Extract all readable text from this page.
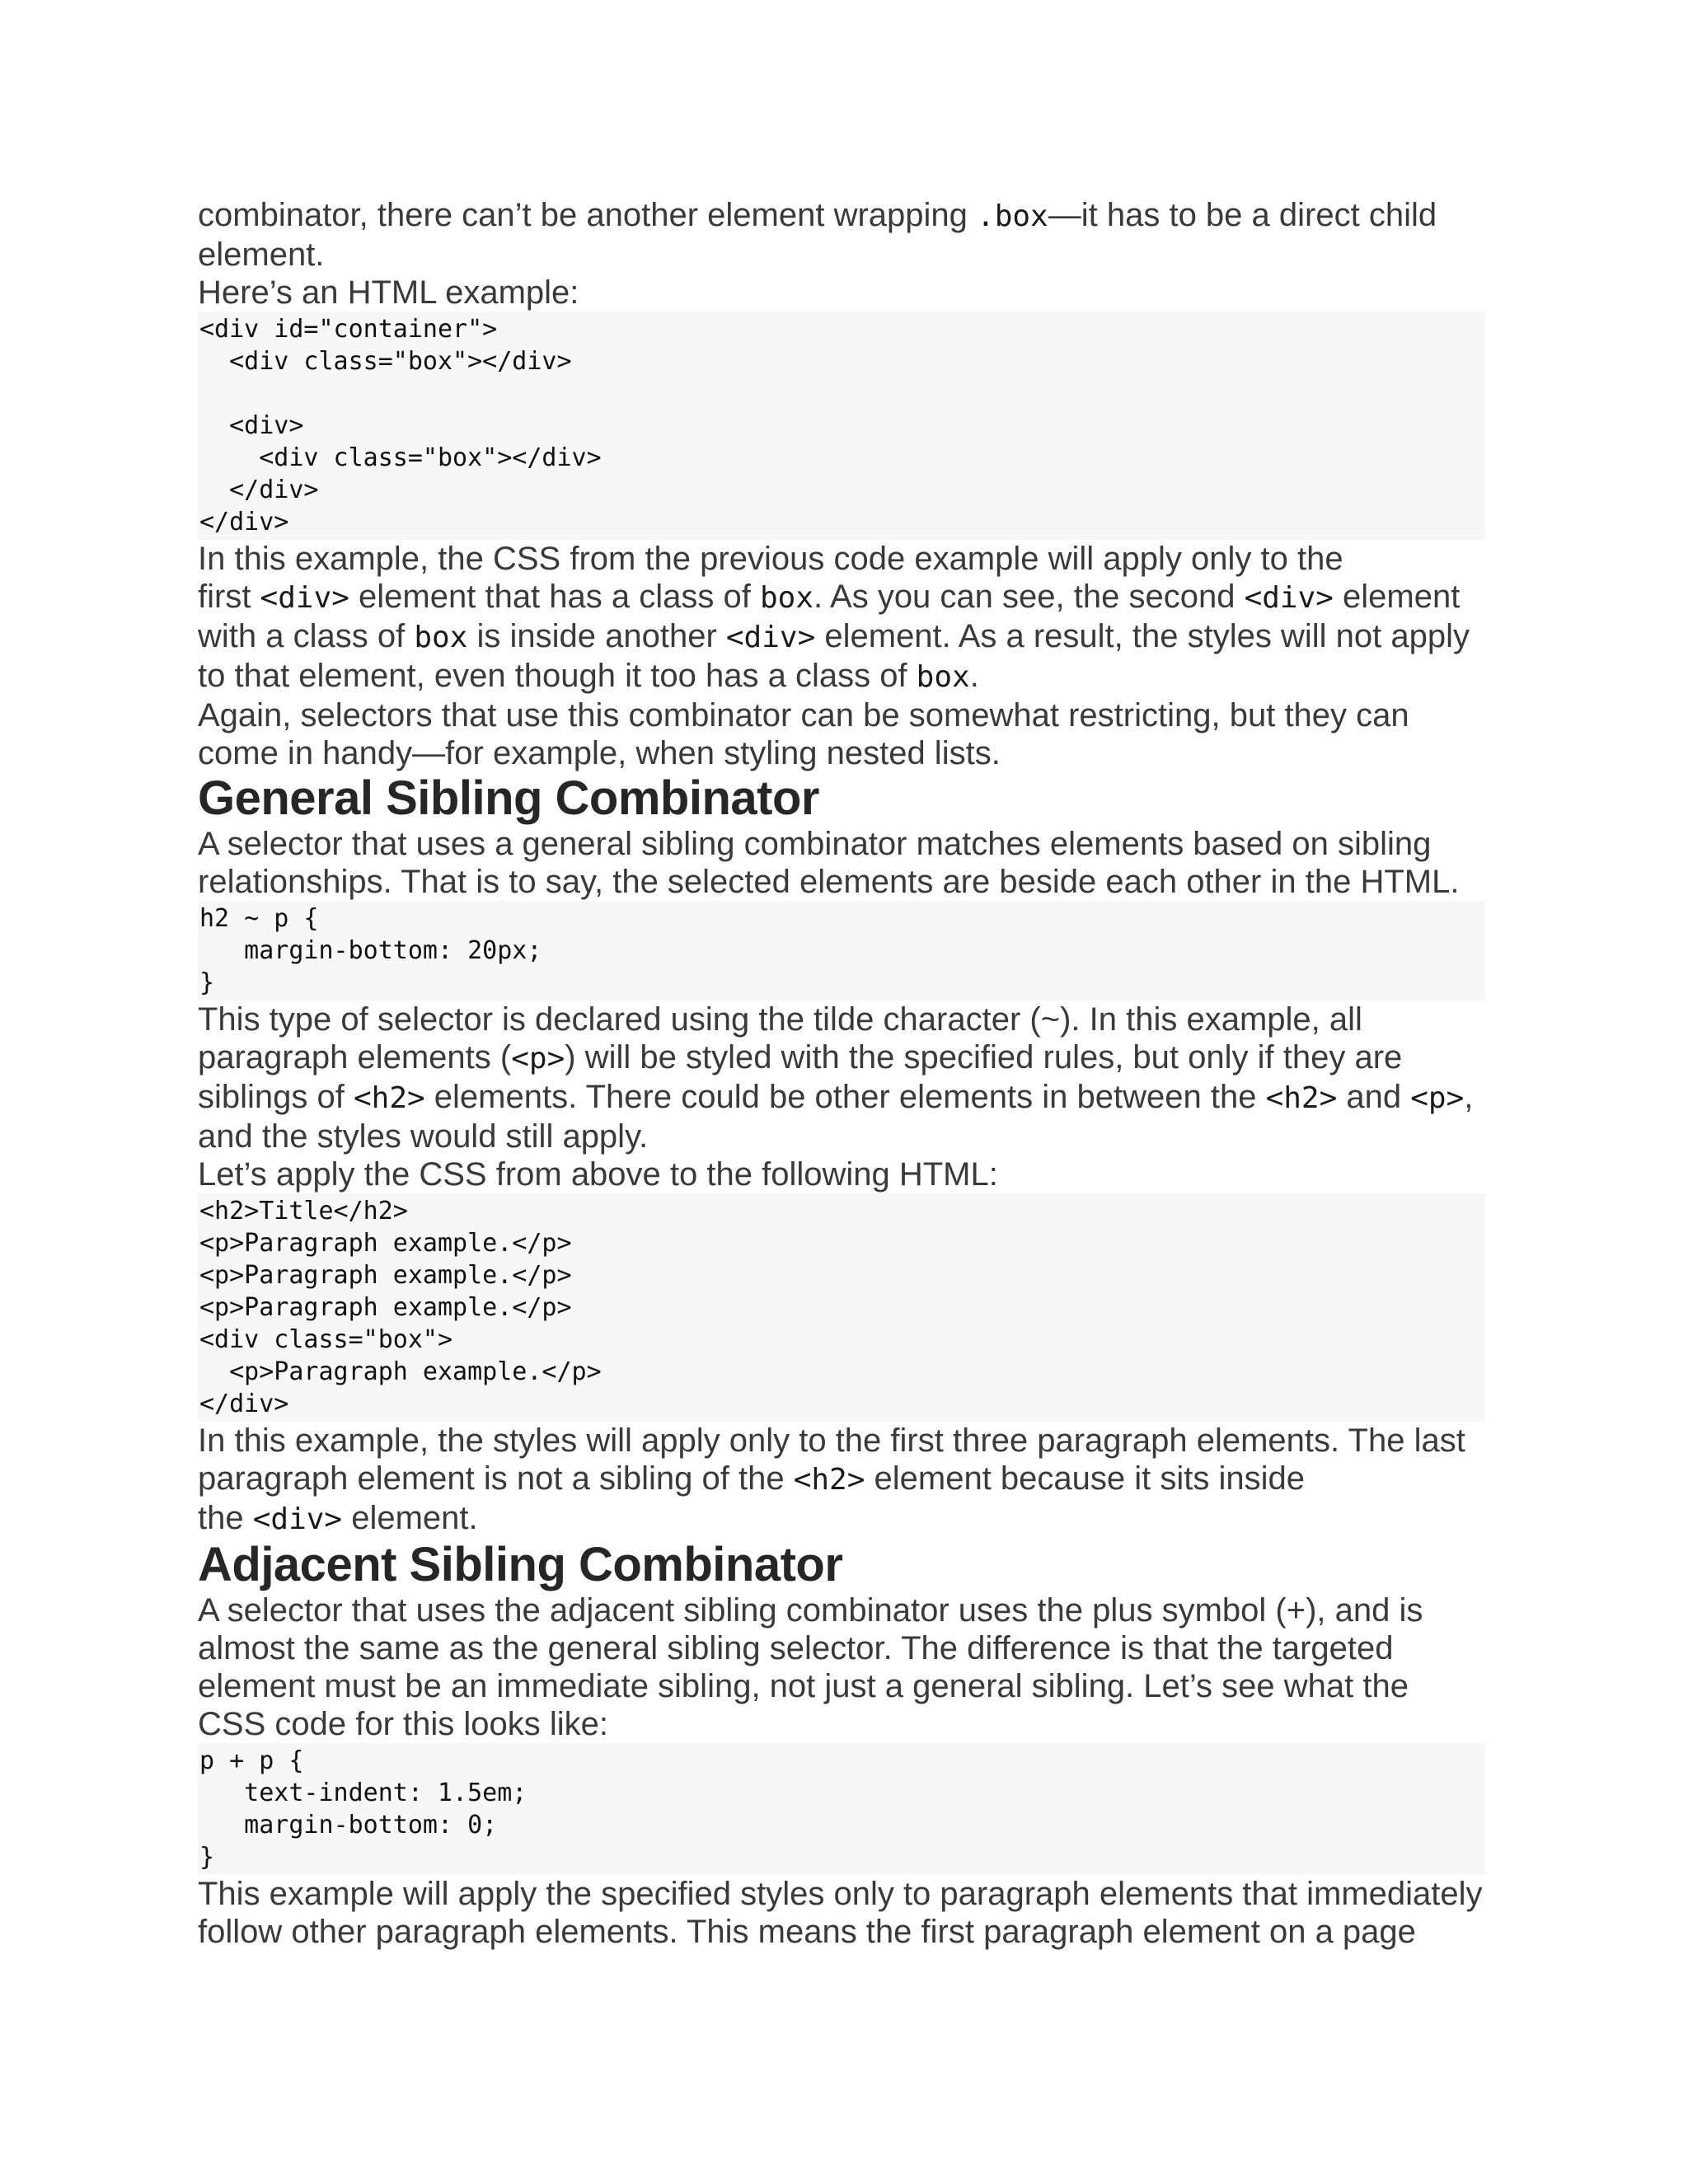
combinator, there can’t be another element wrapping .box—it has to be a direct child

element.

Here’s an HTML example:

<div id="container">
<div class="box"></div>
<div>
<div class="box"></div>
</div>
</div>

In this example, the CSS from the previous code example will apply only to the

first <div> element that has a class of box. As you can see, the second <div> element

with a class of box is inside another <div> element. As a result, the styles will not apply

to that element, even though it too has a class of box.

Again, selectors that use this combinator can be somewhat restricting, but they can

come in handy—for example, when styling nested lists.

General Sibling Combinator

A selector that uses a general sibling combinator matches elements based on sibling

relationships. That is to say, the selected elements are beside each other in the HTML.

h2 ~ p {
margin-bottom: 20px;
}

This type of selector is declared using the tilde character (~). In this example, all

paragraph elements (<p>) will be styled with the specified rules, but only if they are

siblings of <h2> elements. There could be other elements in between the <h2> and <p>,

and the styles would still apply.

Let’s apply the CSS from above to the following HTML:

<h2>Title</h2>
<p>Paragraph example.</p>
<p>Paragraph example.</p>
<p>Paragraph example.</p>
<div class="box">
<p>Paragraph example.</p>
</div>

In this example, the styles will apply only to the first three paragraph elements. The last

paragraph element is not a sibling of the <h2> element because it sits inside

the <div> element.

Adjacent Sibling Combinator

A selector that uses the adjacent sibling combinator uses the plus symbol (+), and is

almost the same as the general sibling selector. The difference is that the targeted

element must be an immediate sibling, not just a general sibling. Let’s see what the

CSS code for this looks like:

p + p {
text-indent: 1.5em;
margin-bottom: 0;
}

This example will apply the specified styles only to paragraph elements that immediately

follow other paragraph elements. This means the first paragraph element on a page
